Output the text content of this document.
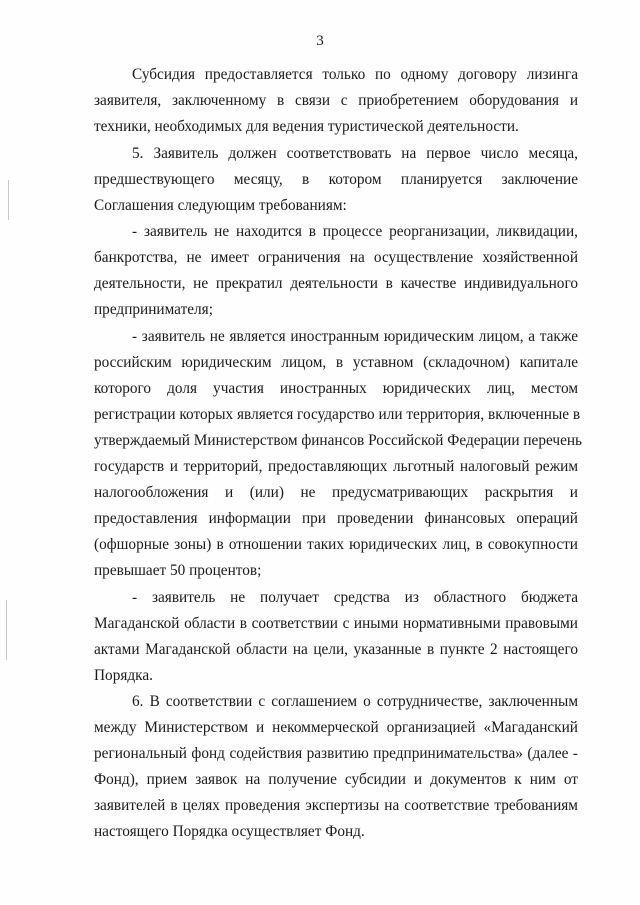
3
Субсидия предоставляется только по одному договору лизинга
заявителя, заключенному в связи с приобретением оборудования и
техники, необходимых для ведения туристической деятельности.
5. Заявитель должен соответствовать на первое число месяца,
предшествующего месяцу, в котором планируется заключение
Соглашения следующим требованиям:
- заявитель не находится в процессе реорганизации, ликвидации,
банкротства, не имеет ограничения на осуществление хозяйственной
деятельности, не прекратил деятельности в качестве индивидуального
предпринимателя;
- заявитель не является иностранным юридическим лицом, а также
российским юридическим лицом, в уставном (складочном) капитале
которого доля участия иностранных юридических лиц, местом
регистрации которых является государство или территория, включенные в
утверждаемый Министерством финансов Российской Федерации перечень
государств и территорий, предоставляющих льготный налоговый режим
налогообложения и (или) не предусматривающих раскрытия и
предоставления информации при проведении финансовых операций
(офшорные зоны) в отношении таких юридических лиц, в совокупности
превышает 50 процентов;
- заявитель не получает средства из областного бюджета
Магаданской области в соответствии с иными нормативными правовыми
актами Магаданской области на цели, указанные в пункте 2 настоящего
Порядка.
6. В соответствии с соглашением о сотрудничестве, заключенным
между Министерством и некоммерческой организацией «Магаданский
региональный фонд содействия развитию предпринимательства» (далее -
Фонд), прием заявок на получение субсидии и документов к ним от
заявителей в целях проведения экспертизы на соответствие требованиям
настоящего Порядка осуществляет Фонд.
